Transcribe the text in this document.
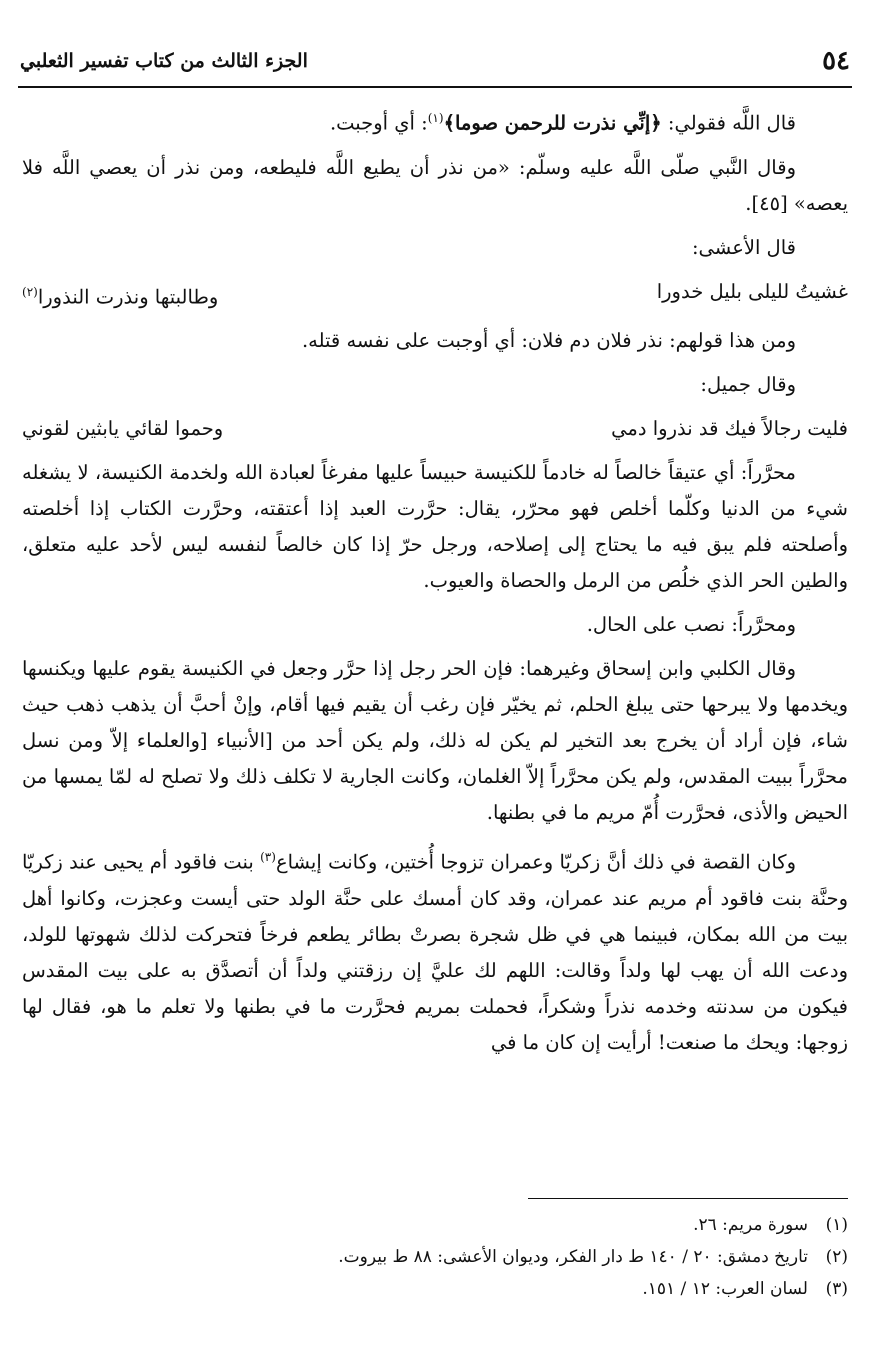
٥٤
الجزء الثالث من كتاب تفسير الثعلبي

قال اللَّه فقولي: ﴿إنِّي نذرت للرحمن صوما﴾$^{(١)}$: أي أوجبت.

وقال النَّبي صلّى اللَّه عليه وسلّم: «من نذر أن يطيع اللَّه فليطعه، ومن نذر أن يعصي اللَّه فلا يعصه» [٤٥].

قال الأعشى:

غشيتُ لليلى بليل خدورا
وطالبتها ونذرت النذورا$^{(٢)}$

ومن هذا قولهم: نذر فلان دم فلان: أي أوجبت على نفسه قتله.

وقال جميل:

فليت رجالاً فيك قد نذروا دمي
وحموا لقائي يابثين لقوني

محرَّراً: أي عتيقاً خالصاً له خادماً للكنيسة حبيساً عليها مفرغاً لعبادة الله ولخدمة الكنيسة، لا يشغله شيء من الدنيا وكلّما أخلص فهو محرّر، يقال: حرَّرت العبد إذا أعتقته، وحرَّرت الكتاب إذا أخلصته وأصلحته فلم يبق فيه ما يحتاج إلى إصلاحه، ورجل حرّ إذا كان خالصاً لنفسه ليس لأحد عليه متعلق، والطين الحر الذي خلُص من الرمل والحصاة والعيوب.

ومحرَّراً: نصب على الحال.

وقال الكلبي وابن إسحاق وغيرهما: فإن الحر رجل إذا حرَّر وجعل في الكنيسة يقوم عليها ويكنسها ويخدمها ولا يبرحها حتى يبلغ الحلم، ثم يخيّر فإن رغب أن يقيم فيها أقام، وإنْ أحبَّ أن يذهب ذهب حيث شاء، فإن أراد أن يخرج بعد التخير لم يكن له ذلك، ولم يكن أحد من [الأنبياء [والعلماء إلاّ ومن نسل محرَّراً ببيت المقدس، ولم يكن محرَّراً إلاّ الغلمان، وكانت الجارية لا تكلف ذلك ولا تصلح له لمّا يمسها من الحيض والأذى، فحرَّرت أُمّ مريم ما في بطنها.

وكان القصة في ذلك أنَّ زكريّا وعمران تزوجا أُختين، وكانت إيشاع$^{(٣)}$ بنت فاقود أم يحيى عند زكريّا وحنَّة بنت فاقود أم مريم عند عمران، وقد كان أمسك على حنَّة الولد حتى أيست وعجزت، وكانوا أهل بيت من الله بمكان، فبينما هي في ظل شجرة بصرتْ بطائر يطعم فرخاً فتحركت لذلك شهوتها للولد، ودعت الله أن يهب لها ولداً وقالت: اللهم لك عليَّ إن رزقتني ولداً أن أتصدَّق به على بيت المقدس فيكون من سدنته وخدمه نذراً وشكراً، فحملت بمريم فحرَّرت ما في بطنها ولا تعلم ما هو، فقال لها زوجها: ويحك ما صنعت! أرأيت إن كان ما في

(١)سورة مريم: ٢٦.

(٢)تاريخ دمشق: ٢٠ / ١٤٠ ط دار الفكر، وديوان الأعشى: ٨٨ ط بيروت.

(٣)لسان العرب: ١٢ / ١٥١.
